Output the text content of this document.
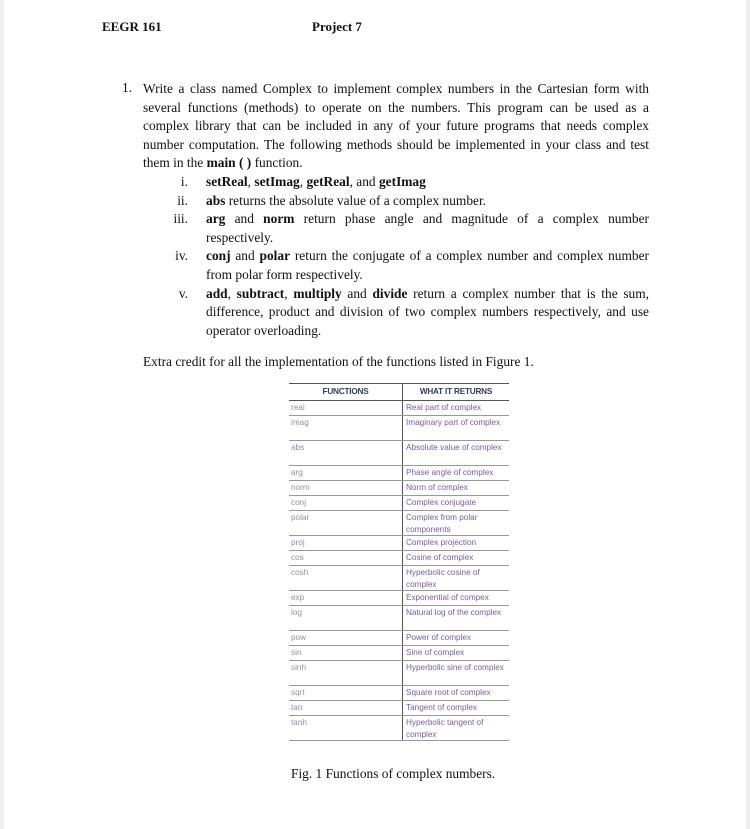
EEGR 161	Project 7
1. Write a class named Complex to implement complex numbers in the Cartesian form with several functions (methods) to operate on the numbers. This program can be used as a complex library that can be included in any of your future programs that needs complex number computation. The following methods should be implemented in your class and test them in the main ( ) function.

i. setReal, setImag, getReal, and getImag
ii. abs returns the absolute value of a complex number.
iii. arg and norm return phase angle and magnitude of a complex number respectively.
iv. conj and polar return the conjugate of a complex number and complex number from polar form respectively.
v. add, subtract, multiply and divide return a complex number that is the sum, difference, product and division of two complex numbers respectively, and use operator overloading.
Extra credit for all the implementation of the functions listed in Figure 1.
FUNCTIONS	WHAT IT RETURNS
real	Real part of complex
imag	Imaginary part of complex
abs	Absolute value of complex
arg	Phase angle of complex
norm	Norm of complex
conj	Complex conjugate
polar	Complex from polar components
proj	Complex projection
cos	Cosine of complex
cosh	Hyperbolic cosine of complex
exp	Exponential of compex
log	Natural log of the complex
pow	Power of complex
sin	Sine of complex
sinh	Hyperbolic sine of complex
sqrt	Square root of complex
tan	Tangent of complex
tanh	Hyperbolic tangent of complex
Fig. 1 Functions of complex numbers.
